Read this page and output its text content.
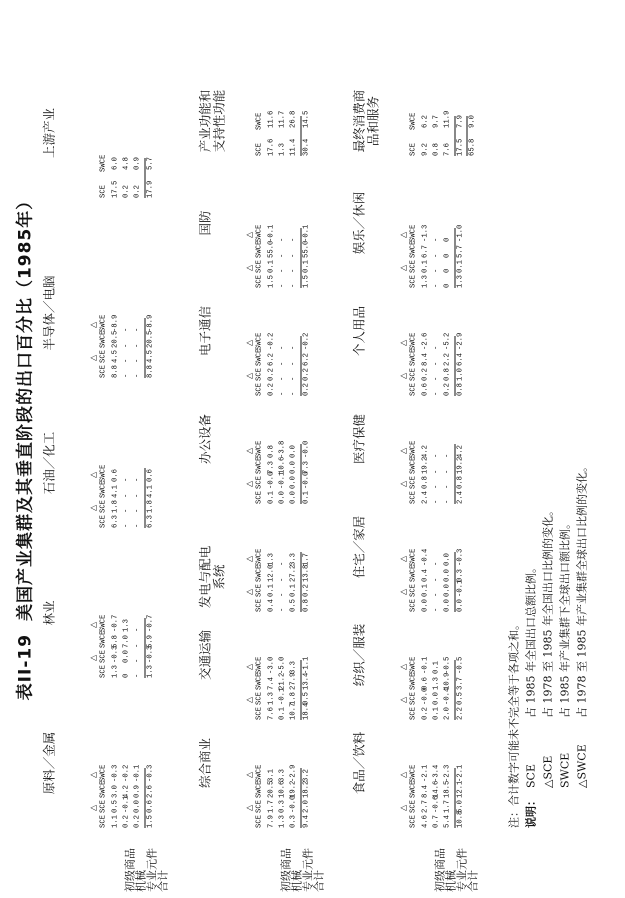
表II-19 美国产业集群及其垂直阶段的出口百分比（1985年）
初级商品
机械
专业元件
合计
原料／金属
△
△
SCE
SCE
SWCE
SWCE
1.1
0.5
3.0
-0.3
0.2
-0.1
4.2
-0.2
0.2
0.0
0.9
-0.1
1.5
0.6
2.6
-0.3
林业
△
△
SCE
SCE
SWCE
SWCE
1.3
-0.3
5.8
-0.7
0
0.0
7.0
1.3
-
-
-
-
1.3
-0.3
5.9
-0.7
石油／化工
△
△
SCE
SCE
SWCE
SWCE
6.3
1.8
4.1
0.6
-
-
-
-
-
-
-
-
6.3
1.8
4.1
0.6
半导体／电脑
△
△
SCE
SCE
SWCE
SWCE
8.8
4.5
20.5
-8.9
-
-
-
-
-
-
-
-
8.8
4.5
20.5
-8.9
上游产业
SCE
SWCE
17.5
6.0
0.2
4.8
0.2
0.9
17.9
5.7
初级商品
机械
专业元件
合计
综合商业
△
△
SCE
SCE
SWCE
SWCE
7.9
1.7
20.5
3.1
1.3
0.3
10.6
3.3
0.3
-0.0
19.2
-2.9
9.4
2.0
18.2
3.2
交通运输
△
△
SCE
SCE
SWCE
SWCE
7.6
1.3
7.4
-3.0
0.1
-0.1
21.2
-5.0
10.7
1.8
27.9
3.3
18.4
0.5
13.4
-1.1
发电与配电系统
△
△
SCE
SCE
SWCE
SWCE
0.4
0.1
12.0
1.3
-
-
-
-
0.5
0.1
27.2
3.3
0.8
0.2
13.8
1.7
办公设备
△
△
SCE
SCE
SWCE
SWCE
0.1
-0.0
7.3
0.8
0.0
-0.1
10.6
-3.8
0.0
0.0
0.0
0.0
0.1
-0.0
7.3
-0.0
电子通信
△
△
SCE
SCE
SWCE
SWCE
0.2
0.2
6.2
-0.2
-
-
-
-
-
-
-
-
0.2
0.2
6.2
-0.2
国防
△
△
SCE
SCE
SWCE
SWCE
1.5
0.1
55.0
-0.1
-
-
-
-
-
-
-
-
1.5
0.1
55.0
-0.1
产业功能和支持性功能	SCE
SWCE
17.6
11.6
1.3
11.7
11.4
26.8
30.4
14.5
初级商品
机械
专业元件
合计
食品／饮料
△
△
SCE
SCE
SWCE
SWCE
4.6
2.7
8.4
-2.1
0.7
-0.6
14.6
-3.4
5.4
1.7
18.5
-2.3
10.8
5.0
12.1
-2.1
纺织／服装
△
△
SCE
SCE
SWCE
SWCE
0.2
-0.0
0.6
-0.1
0.1
0.0
1.3
0.1
2.0
-0.4
10.9
-0.5
2.2
0.5
3.7
-0.5
住宅／家居
△
△
SCE
SCE
SWCE
SWCE
0.0
0.1
0.4
-0.4
-
-
-
-
0.0
0.0
0.0
0.0
0.0
-0.1
0.3
-0.3
医疗保健
△
△
SCE
SCE
SWCE
SWCE
2.4
0.8
19.2
4.2
-
-
-
-
-
-
-
-
2.4
0.8
19.2
4.2
个人用品
△
△
SCE
SCE
SWCE
SWCE
0.6
0.2
8.4
-2.6
-
-
-
-
0.2
0.8
2.2
-5.2
0.8
1.0
6.4
-2.9
娱乐／休闲
△
△
SCE
SCE
SWCE
SWCE
1.3
0.1
6.7
-1.3
-
-
-
-
0
0
0
0
1.3
0.1
5.7
-1.0
最终消费商品和服务
SCE
SWCE
9.2
6.2
0.8
9.7
7.6
11.9
17.5
7.9
65.8
9.0
注：合计数字可能未不完全等于各项之和。 说明：SCE占 1985 年全国出口总额比例。
△SCE占 1978 至 1985 年全国出口比例的变化。
SWCE占 1985 年产业集群下全球出口额比例。
△SWCE占 1978 至 1985 年产业集群全球出口比例的变化。
